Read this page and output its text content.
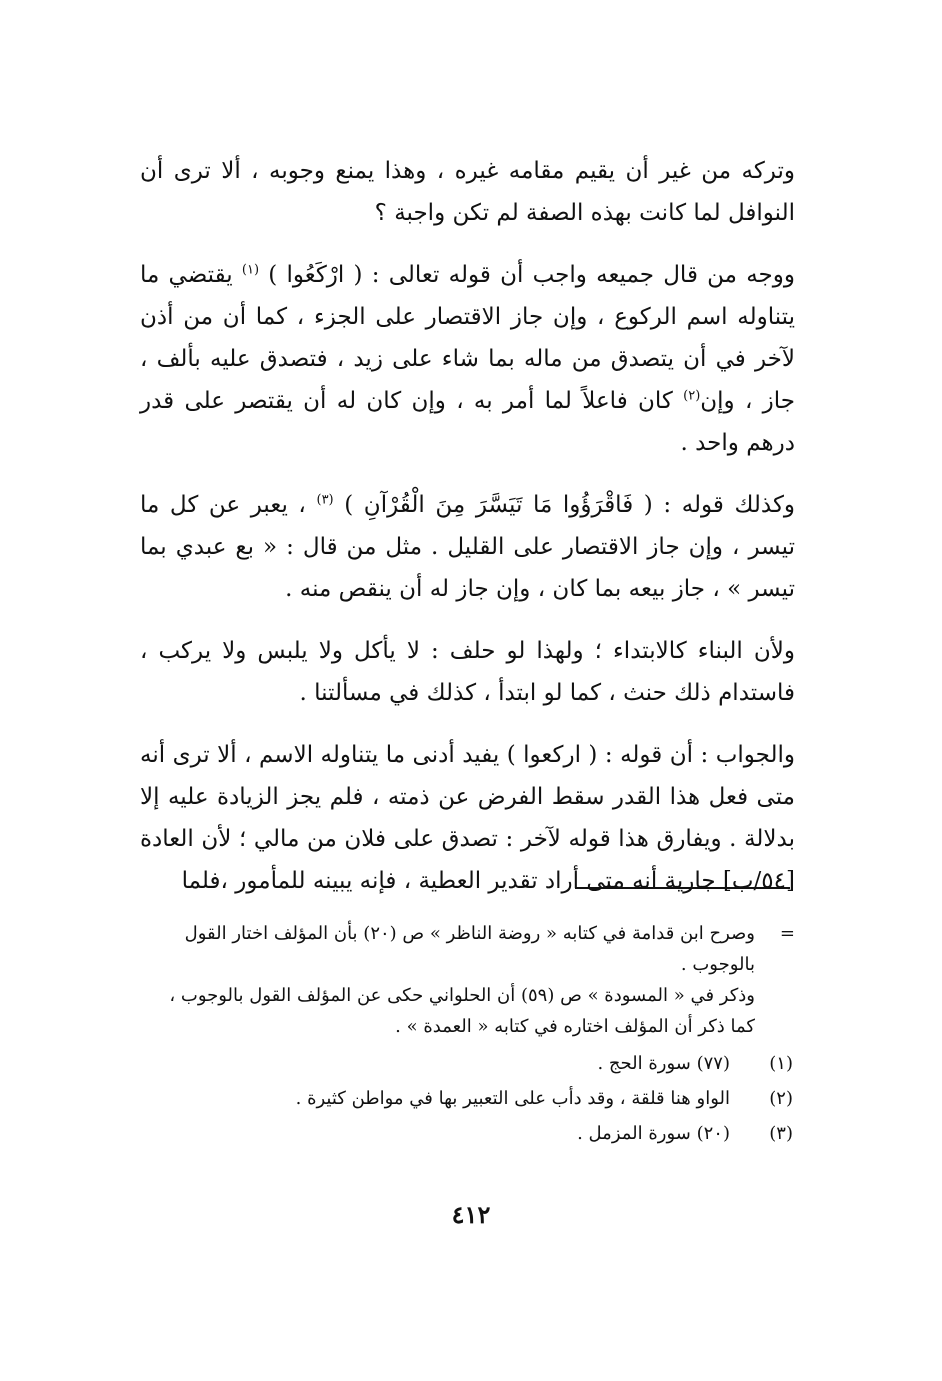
وتركه من غير أن يقيم مقامه غيره ، وهذا يمنع وجوبه ، ألا ترى أن النوافل لما كانت بهذه الصفة لم تكن واجبة ؟

ووجه من قال جميعه واجب أن قوله تعالى : ( ارْكَعُوا ) $^{(١)}$ يقتضي ما يتناوله اسم الركوع ، وإن جاز الاقتصار على الجزء ، كما أن من أذن لآخر في أن يتصدق من ماله بما شاء على زيد ، فتصدق عليه بألف ، جاز ، وإن$^{(٢)}$ كان فاعلاً لما أمر به ، وإن كان له أن يقتصر على قدر درهم واحد .

وكذلك قوله : ( فَاقْرَؤُوا مَا تَيَسَّرَ مِنَ الْقُرْآنِ ) $^{(٣)}$ ، يعبر عن كل ما تيسر ، وإن جاز الاقتصار على القليل . مثل من قال : « بع عبدي بما تيسر » ، جاز بيعه بما كان ، وإن جاز له أن ينقص منه .

ولأن البناء كالابتداء ؛ ولهذا لو حلف : لا يأكل ولا يلبس ولا يركب ، فاستدام ذلك حنث ، كما لو ابتدأ ، كذلك في مسألتنا .

والجواب : أن قوله : ( اركعوا ) يفيد أدنى ما يتناوله الاسم ، ألا ترى أنه متى فعل هذا القدر سقط الفرض عن ذمته ، فلم يجز الزيادة عليه إلا بدلالة . ويفارق هذا قوله لآخر : تصدق على فلان من مالي ؛ لأن العادة [٥٤/ب] جارية أنه متى أراد تقدير العطية ، فإنه يبينه للمأمور ،فلما

=
وصرح ابن قدامة في كتابه « روضة الناظر » ص (٢٠) بأن المؤلف اختار القول بالوجوب .
وذكر في « المسودة » ص (٥٩) أن الحلواني حكى عن المؤلف القول بالوجوب ، كما ذكر أن المؤلف اختاره في كتابه « العمدة » .
(١)
(٧٧) سورة الحج .
(٢)
الواو هنا قلقة ، وقد دأب على التعبير بها في مواطن كثيرة .
(٣)
(٢٠) سورة المزمل .
٤١٢
